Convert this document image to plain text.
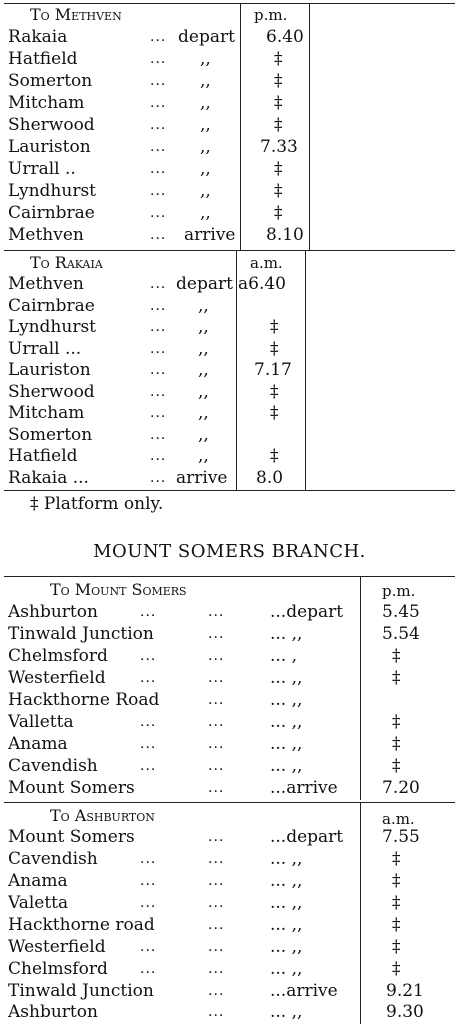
To Methven	p.m.
Rakaia	... depart 6.40
Hatfield	... ,,	‡
Somerton	... ,,	‡
Mitcham	... ,,	‡
Sherwood	... ,,	‡
Lauriston	... ,,	7.33
Urrall ..	... ,,	‡
Lyndhurst	... ,,	‡
Cairnbrae	... ,,	‡
Methven	... arrive 8.10
To Rakaia	a.m.
Methven	... depart a6.40
Cairnbrae	... ,,
Lyndhurst	... ,,	‡
Urrall ...	... ,,	‡
Lauriston	... ,,	7.17
Sherwood	... ,,	‡
Mitcham	... ,,	‡
Somerton	... ,,
Hatfield	... ,,	‡
Rakaia ...	... arrive 8.0
‡ Platform only.
MOUNT SOMERS BRANCH.
To Mount Somers	p.m.
Ashburton	...	...	...depart 5.45
Tinwald Junction	...	... ,,	5.54
Chelmsford ...	...	... ,	‡
Westerfield ...	...	... ,,	‡
Hackthorne Road	...	... ,,
Valletta	...	...	... ,,	‡
Anama	...	...	... ,,	‡
Cavendish	...	...	... ,,	‡
Mount Somers	...	...arrive	7.20
To Ashburton	a.m.
Mount Somers	...	...depart 7.55
Cavendish	...	...	... ,,	‡
Anama	...	...	... ,,	‡
Valetta	...	...	... ,,	‡
Hackthorne road	...	... ,,	‡
Westerfield ...	...	... ,,	‡
Chelmsford ...	...	... ,,	‡
Tinwald Junction	...	...arrive	9.21
Ashburton	...	... ,,	9.30
